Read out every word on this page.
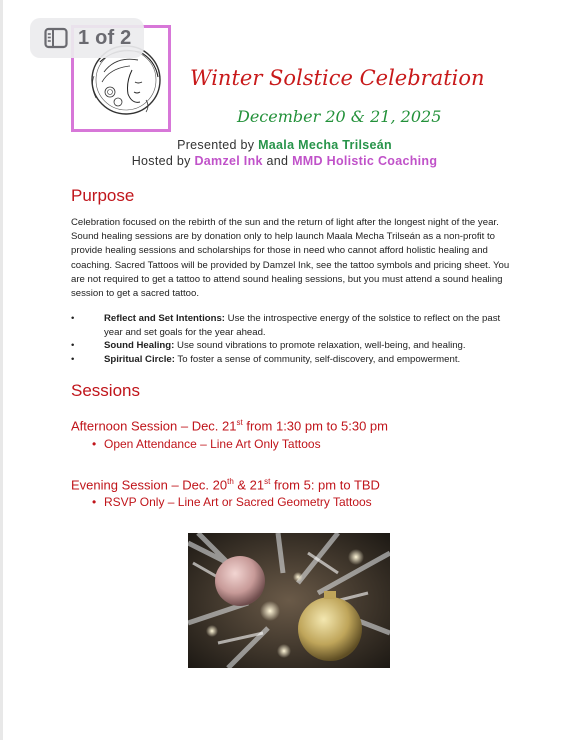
1 of 2
Winter Solstice Celebration
December 20 & 21, 2025
Presented by Maala Mecha Trilseán
Hosted by Damzel Ink and MMD Holistic Coaching
Purpose
Celebration focused on the rebirth of the sun and the return of light after the longest night of the year. Sound healing sessions are by donation only to help launch Maala Mecha Trilseán as a non-profit to provide healing sessions and scholarships for those in need who cannot afford holistic healing and coaching. Sacred Tattoos will be provided by Damzel Ink, see the tattoo symbols and pricing sheet. You are not required to get a tattoo to attend sound healing sessions, but you must attend a sound healing session to get a sacred tattoo.
•	Reflect and Set Intentions: Use the introspective energy of the solstice to reflect on the past year and set goals for the year ahead.
•	Sound Healing: Use sound vibrations to promote relaxation, well-being, and healing.
•	Spiritual Circle: To foster a sense of community, self-discovery, and empowerment.
Sessions
Afternoon Session – Dec. 21st from 1:30 pm to 5:30 pm
• Open Attendance – Line Art Only Tattoos
Evening Session – Dec. 20th & 21st from 5: pm to TBD
• RSVP Only – Line Art or Sacred Geometry Tattoos
